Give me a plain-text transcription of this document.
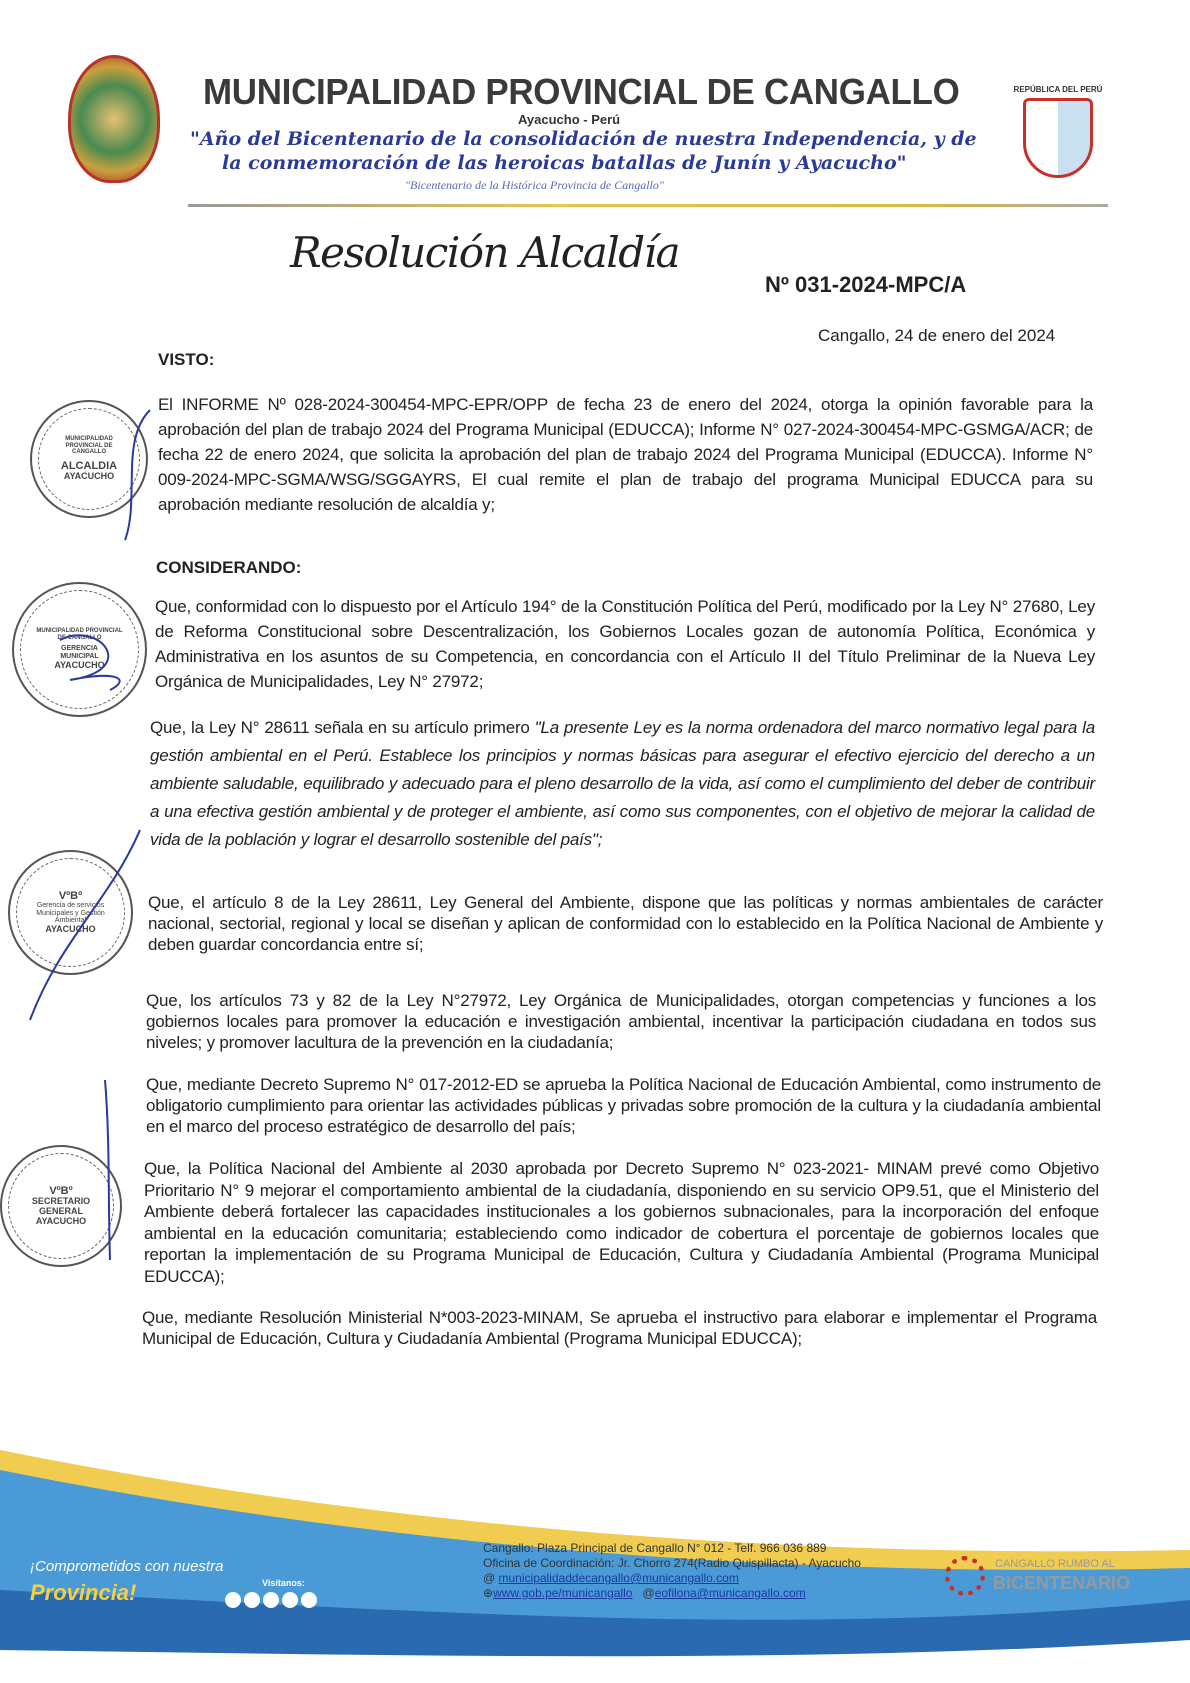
MUNICIPALIDAD PROVINCIAL DE CANGALLO
Ayacucho - Perú
"Año del Bicentenario de la consolidación de nuestra Independencia, y de
la conmemoración de las heroicas batallas de Junín y Ayacucho"
"Bicentenario de la Histórica Provincia de Cangallo"
REPÚBLICA DEL PERÚ
Resolución Alcaldía
Nº 031-2024-MPC/A
Cangallo, 24 de enero del 2024
VISTO:
El INFORME Nº 028-2024-300454-MPC-EPR/OPP de fecha 23 de enero del 2024, otorga la opinión favorable para la aprobación del plan de trabajo 2024 del Programa Municipal (EDUCCA); Informe N° 027-2024-300454-MPC-GSMGA/ACR; de fecha 22 de enero 2024, que solicita la aprobación del plan de trabajo 2024 del Programa Municipal (EDUCCA). Informe N° 009-2024-MPC-SGMA/WSG/SGGAYRS, El cual remite el plan de trabajo del programa Municipal EDUCCA para su aprobación mediante resolución de alcaldía y;
CONSIDERANDO:
Que, conformidad con lo dispuesto por el Artículo 194° de la Constitución Política del Perú, modificado por la Ley N° 27680, Ley de Reforma Constitucional sobre Descentralización, los Gobiernos Locales gozan de autonomía Política, Económica y Administrativa en los asuntos de su Competencia, en concordancia con el Artículo II del Título Preliminar de la Nueva Ley Orgánica de Municipalidades, Ley N° 27972;
Que, la Ley N° 28611 señala en su artículo primero "La presente Ley es la norma ordenadora del marco normativo legal para la gestión ambiental en el Perú. Establece los principios y normas básicas para asegurar el efectivo ejercicio del derecho a un ambiente saludable, equilibrado y adecuado para el pleno desarrollo de la vida, así como el cumplimiento del deber de contribuir a una efectiva gestión ambiental y de proteger el ambiente, así como sus componentes, con el objetivo de mejorar la calidad de vida de la población y lograr el desarrollo sostenible del país";
Que, el artículo 8 de la Ley 28611, Ley General del Ambiente, dispone que las políticas y normas ambientales de carácter nacional, sectorial, regional y local se diseñan y aplican de conformidad con lo establecido en la Política Nacional de Ambiente y deben guardar concordancia entre sí;
Que, los artículos 73 y 82 de la Ley N°27972, Ley Orgánica de Municipalidades, otorgan competencias y funciones a los gobiernos locales para promover la educación e investigación ambiental, incentivar la participación ciudadana en todos sus niveles; y promover lacultura de la prevención en la ciudadanía;
Que, mediante Decreto Supremo N° 017-2012-ED se aprueba la Política Nacional de Educación Ambiental, como instrumento de obligatorio cumplimiento para orientar las actividades públicas y privadas sobre promoción de la cultura y la ciudadanía ambiental en el marco del proceso estratégico de desarrollo del país;
Que, la Política Nacional del Ambiente al 2030 aprobada por Decreto Supremo N° 023-2021- MINAM prevé como Objetivo Prioritario N° 9 mejorar el comportamiento ambiental de la ciudadanía, disponiendo en su servicio OP9.51, que el Ministerio del Ambiente deberá fortalecer las capacidades institucionales a los gobiernos subnacionales, para la incorporación del enfoque ambiental en la educación comunitaria; estableciendo como indicador de cobertura el porcentaje de gobiernos locales que reportan la implementación de su Programa Municipal de Educación, Cultura y Ciudadanía Ambiental (Programa Municipal EDUCCA);
Que, mediante Resolución Ministerial N*003-2023-MINAM, Se aprueba el instructivo para elaborar e implementar el Programa Municipal de Educación, Cultura y Ciudadanía Ambiental (Programa Municipal EDUCCA);
MUNICIPALIDAD PROVINCIAL DE CANGALLO
ALCALDIA
AYACUCHO
MUNICIPALIDAD PROVINCIAL DE CANGALLO
GERENCIA MUNICIPAL
AYACUCHO
VºBº
Gerencia de servicios Municipales y Gestión Ambiental
AYACUCHO
VºBº
SECRETARIO GENERAL
AYACUCHO
¡Comprometidos con nuestra
Provincia!	Visítanos:
Cangallo: Plaza Principal de Cangallo N° 012 - Telf. 966 036 889
Oficina de Coordinación: Jr. Chorro 274(Radio Quispillacta) - Ayacucho
@ municipalidaddecangallo@municangallo.com
⊕www.gob.pe/municangallo @eofilona@municangallo.com
CANGALLO RUMBO AL
BICENTENARIO
